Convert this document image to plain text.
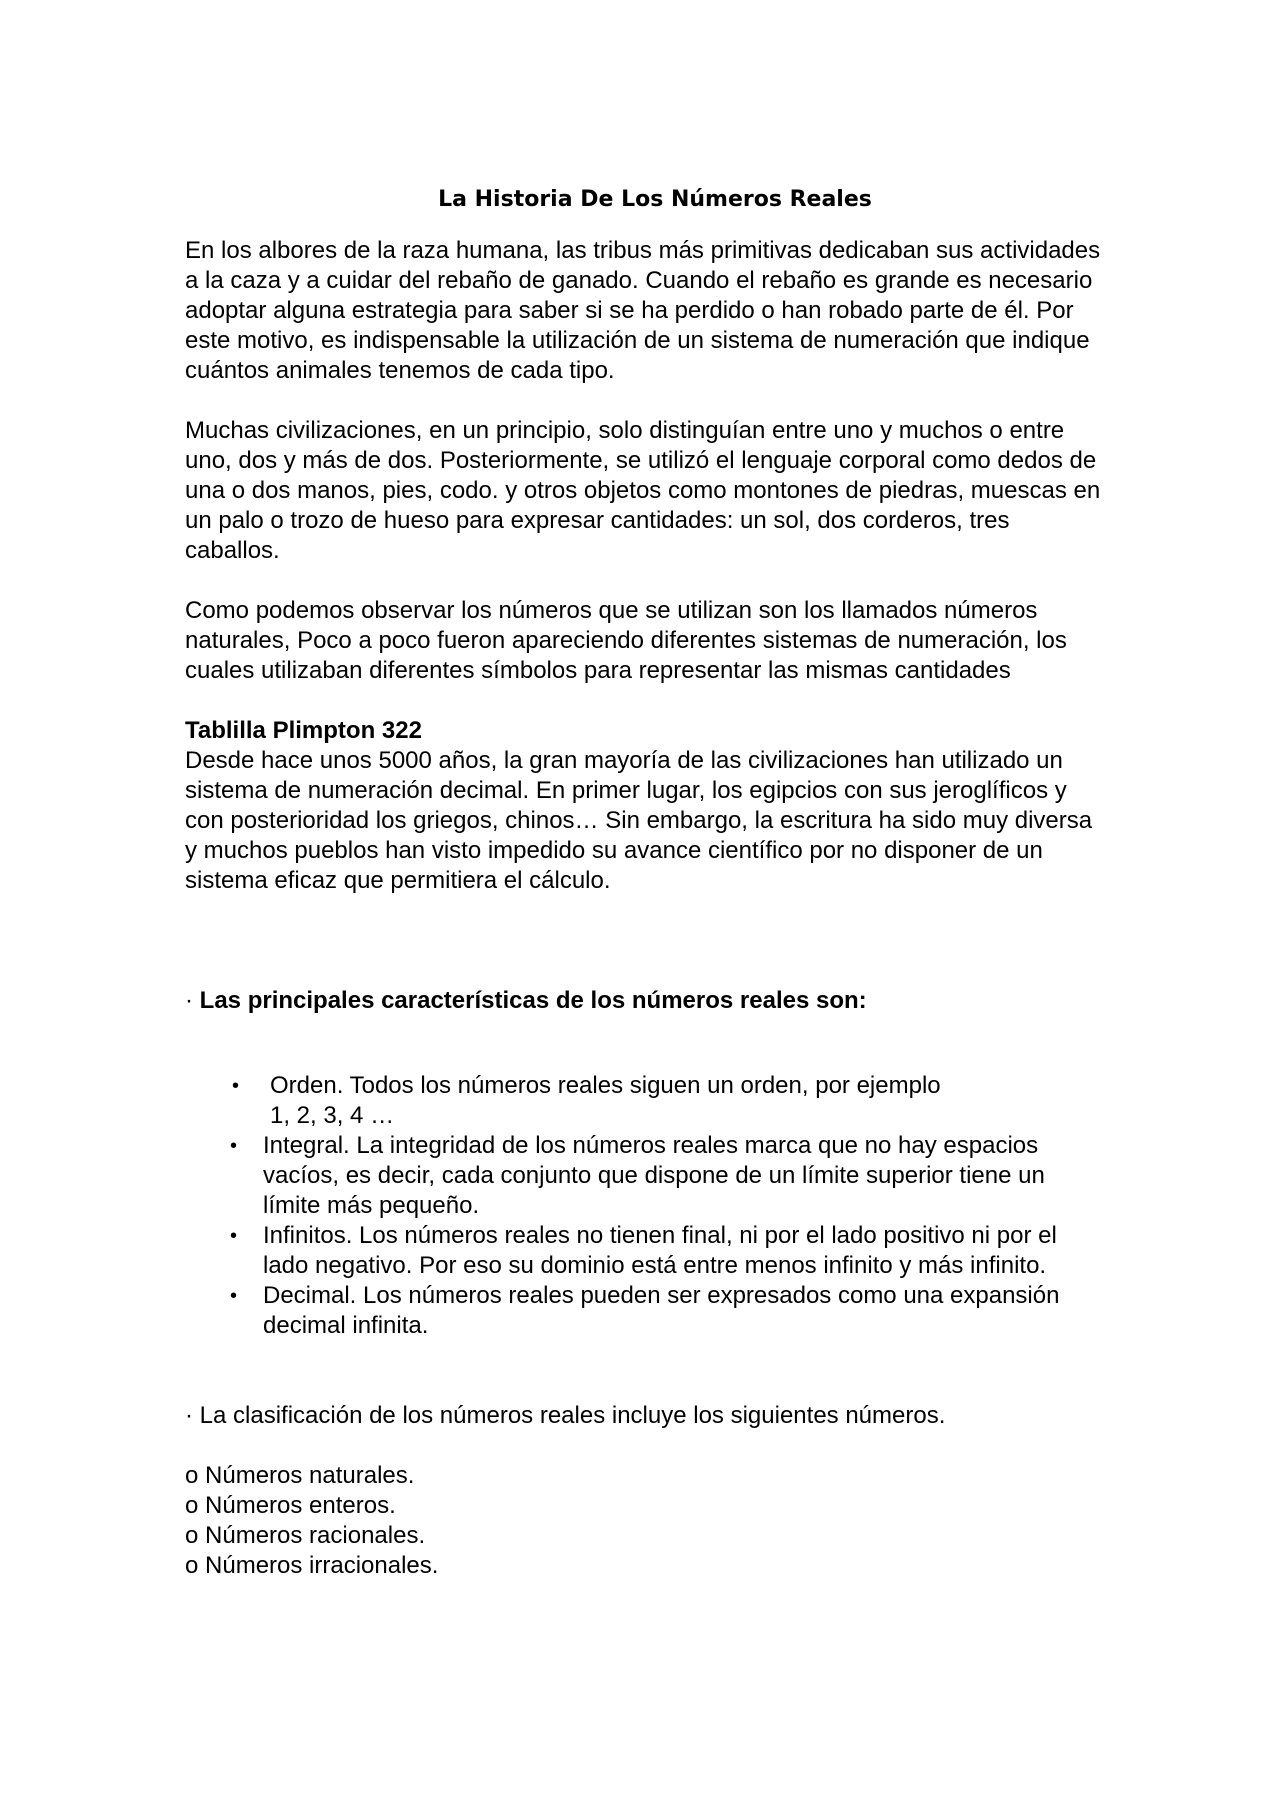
La Historia De Los Números Reales

En los albores de la raza humana, las tribus más primitivas dedicaban sus actividades a la caza y a cuidar del rebaño de ganado. Cuando el rebaño es grande es necesario adoptar alguna estrategia para saber si se ha perdido o han robado parte de él. Por este motivo, es indispensable la utilización de un sistema de numeración que indique cuántos animales tenemos de cada tipo.

Muchas civilizaciones, en un principio, solo distinguían entre uno y muchos o entre uno, dos y más de dos. Posteriormente, se utilizó el lenguaje corporal como dedos de una o dos manos, pies, codo. y otros objetos como montones de piedras, muescas en un palo o trozo de hueso para expresar cantidades: un sol, dos corderos, tres caballos.

Como podemos observar los números que se utilizan son los llamados números naturales, Poco a poco fueron apareciendo diferentes sistemas de numeración, los cuales utilizaban diferentes símbolos para representar las mismas cantidades

Tablilla Plimpton 322

Desde hace unos 5000 años, la gran mayoría de las civilizaciones han utilizado un sistema de numeración decimal. En primer lugar, los egipcios con sus jeroglíficos y con posterioridad los griegos, chinos… Sin embargo, la escritura ha sido muy diversa y muchos pueblos han visto impedido su avance científico por no disponer de un sistema eficaz que permitiera el cálculo.

· Las principales características de los números reales son:

• Orden. Todos los números reales siguen un orden, por ejemplo
1, 2, 3, 4 …
• Integral. La integridad de los números reales marca que no hay espacios vacíos, es decir, cada conjunto que dispone de un límite superior tiene un límite más pequeño.
• Infinitos. Los números reales no tienen final, ni por el lado positivo ni por el lado negativo. Por eso su dominio está entre menos infinito y más infinito.
• Decimal. Los números reales pueden ser expresados como una expansión decimal infinita.

· La clasificación de los números reales incluye los siguientes números.

o Números naturales.

o Números enteros.

o Números racionales.

o Números irracionales.
